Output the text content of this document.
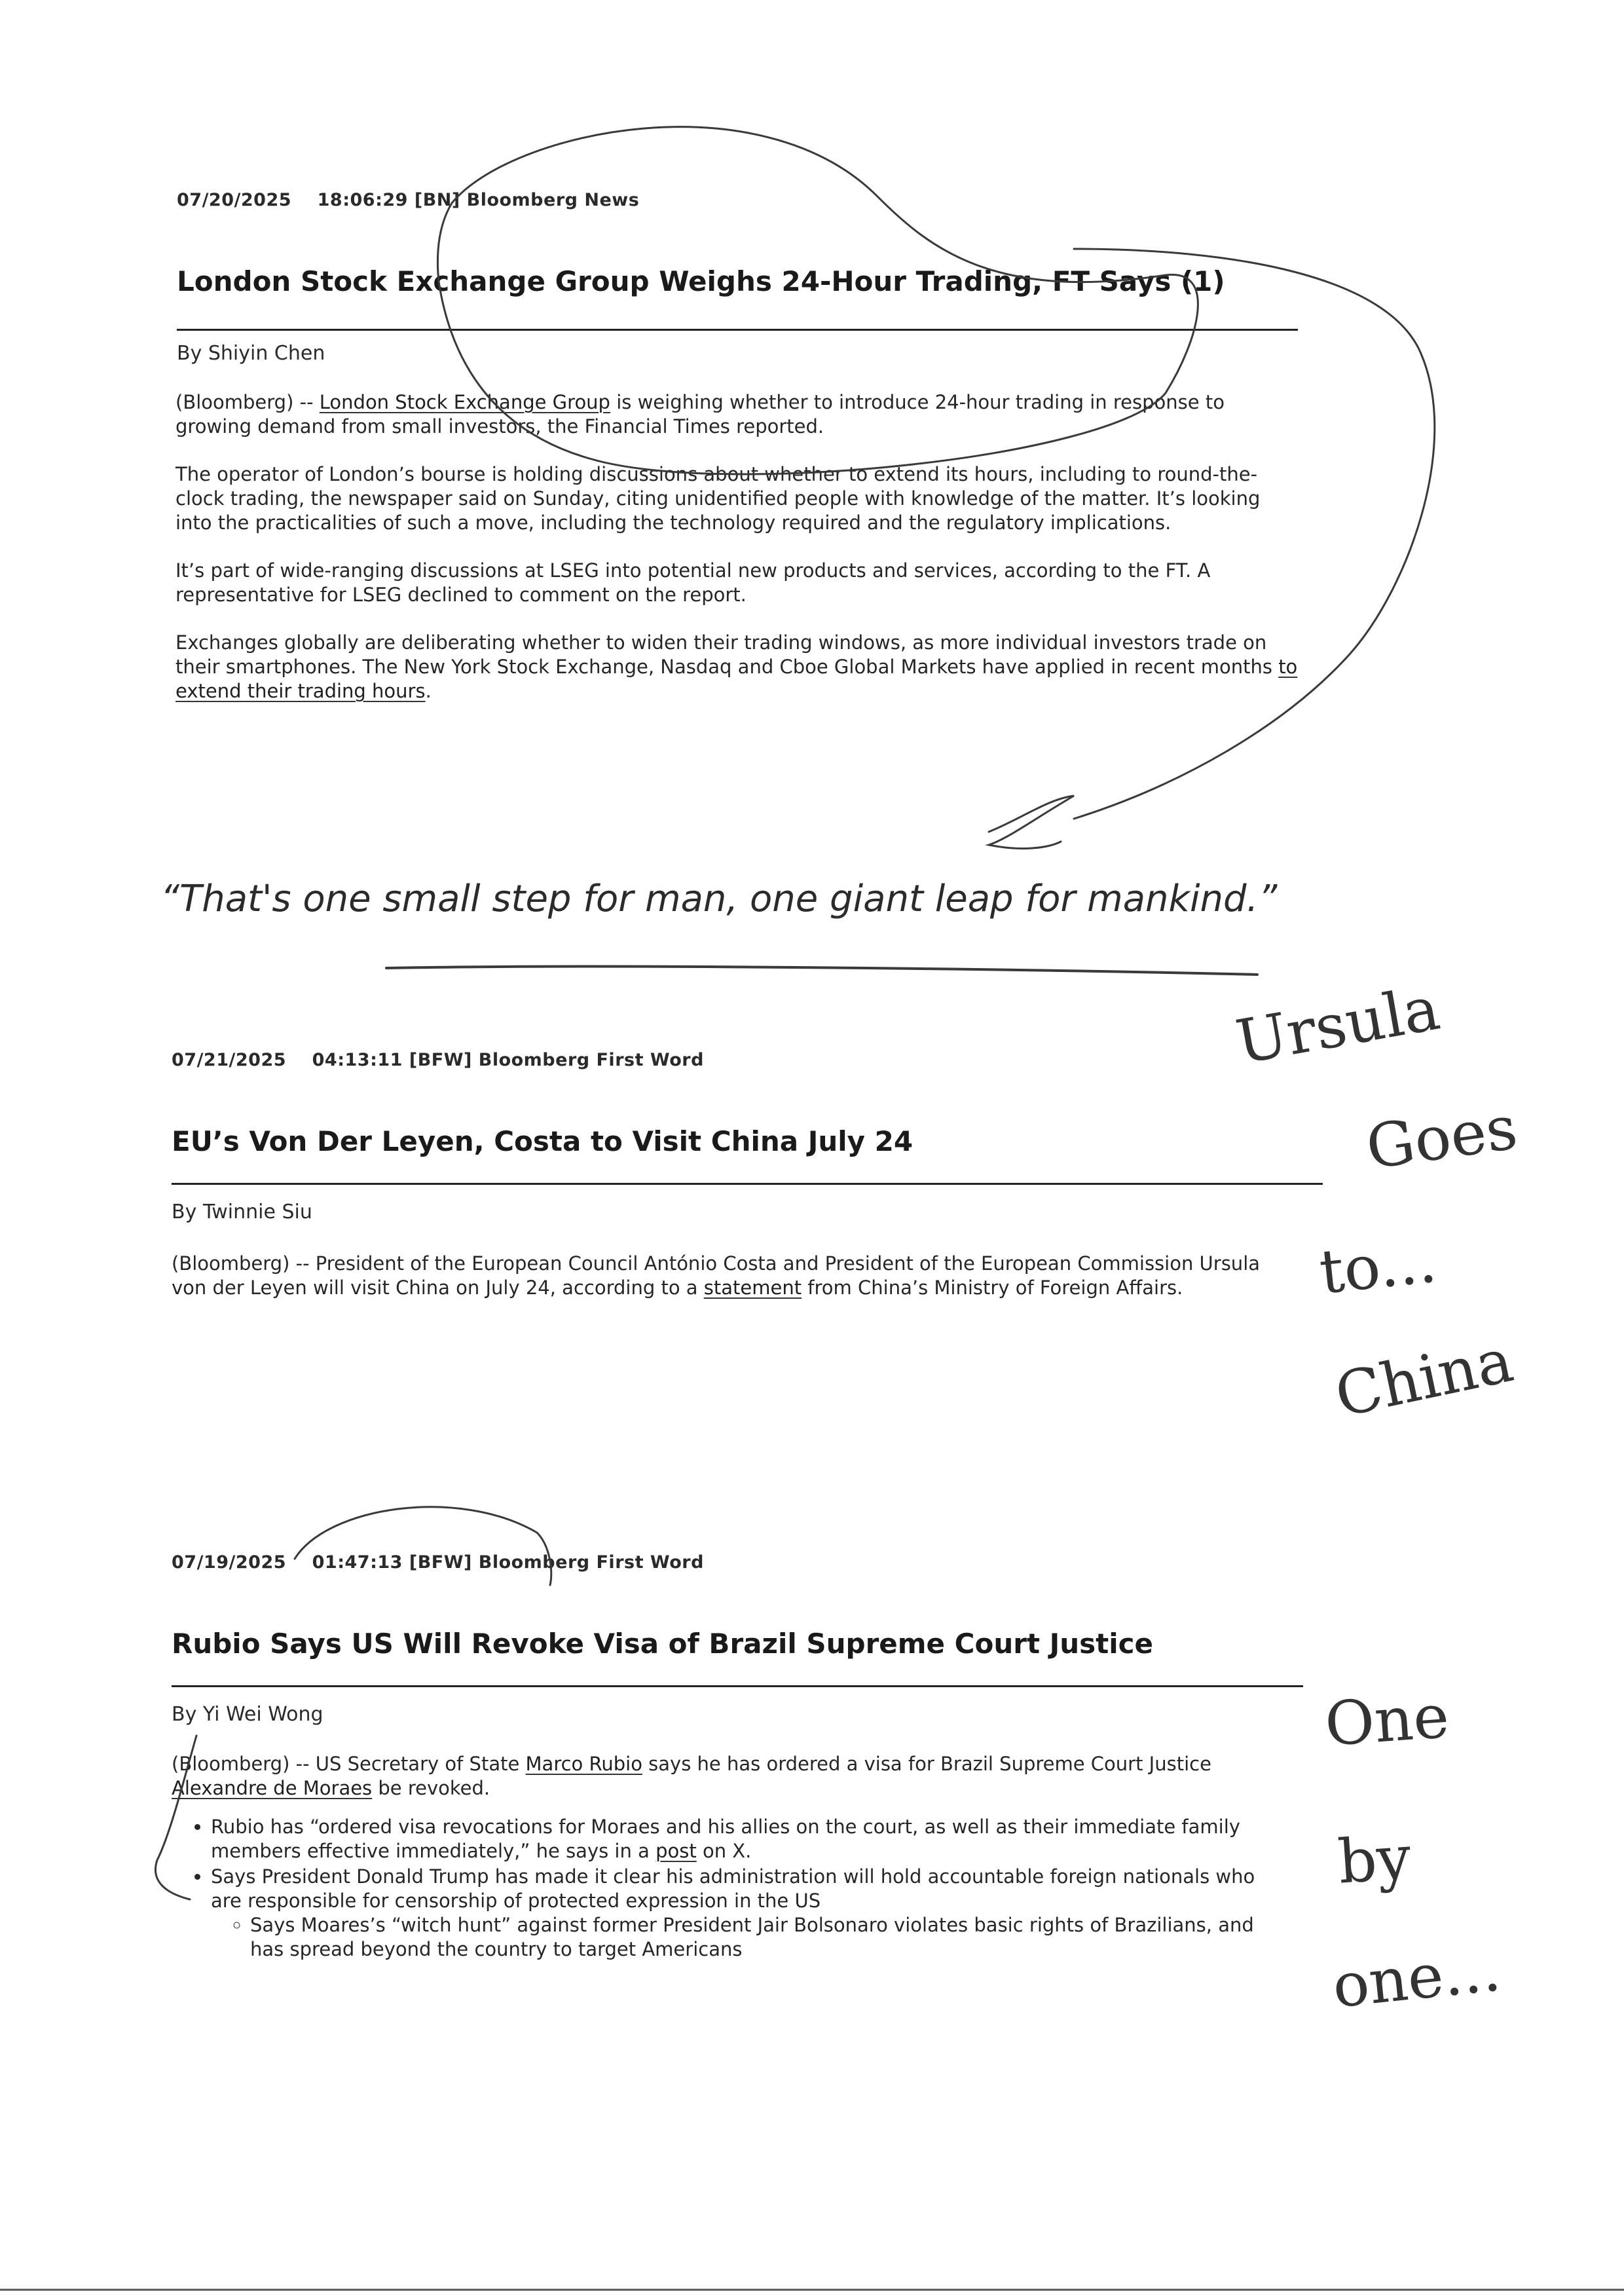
07/20/2025 18:06:29 [BN] Bloomberg News
London Stock Exchange Group Weighs 24-Hour Trading, FT Says (1)
By Shiyin Chen

(Bloomberg) -- London Stock Exchange Group is weighing whether to introduce 24-hour trading in response to growing demand from small investors, the Financial Times reported.

The operator of London’s bourse is holding discussions about whether to extend its hours, including to round-the-clock trading, the newspaper said on Sunday, citing unidentified people with knowledge of the matter. It’s looking into the practicalities of such a move, including the technology required and the regulatory implications.

It’s part of wide-ranging discussions at LSEG into potential new products and services, according to the FT. A representative for LSEG declined to comment on the report.

Exchanges globally are deliberating whether to widen their trading windows, as more individual investors trade on their smartphones. The New York Stock Exchange, Nasdaq and Cboe Global Markets have applied in recent months to extend their trading hours.

“That's one small step for man, one giant leap for mankind.”
07/21/2025 04:13:11 [BFW] Bloomberg First Word
EU’s Von Der Leyen, Costa to Visit China July 24
By Twinnie Siu

(Bloomberg) -- President of the European Council António Costa and President of the European Commission Ursula von der Leyen will visit China on July 24, according to a statement from China’s Ministry of Foreign Affairs.

07/19/2025 01:47:13 [BFW] Bloomberg First Word
Rubio Says US Will Revoke Visa of Brazil Supreme Court Justice
By Yi Wei Wong

(Bloomberg) -- US Secretary of State Marco Rubio says he has ordered a visa for Brazil Supreme Court Justice Alexandre de Moraes be revoked.

• Rubio has “ordered visa revocations for Moraes and his allies on the court, as well as their immediate family members effective immediately,” he says in a post on X.
• Says President Donald Trump has made it clear his administration will hold accountable foreign nationals who are responsible for censorship of protected expression in the US
◦ Says Moares’s “witch hunt” against former President Jair Bolsonaro violates basic rights of Brazilians, and has spread beyond the country to target Americans
Ursula
Goes
to...
China
One
by
one...
